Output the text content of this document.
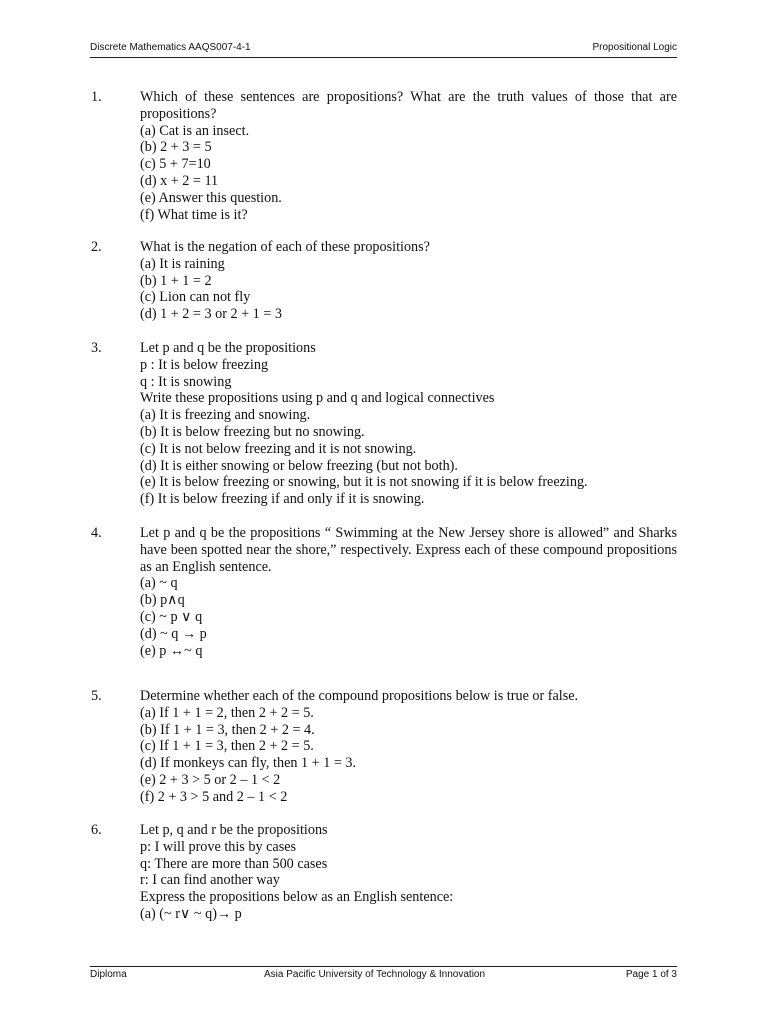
Discrete Mathematics AAQS007-4-1	Propositional Logic
1.	Which of these sentences are propositions? What are the truth values of those that are propositions?
(a) Cat is an insect.
(b) 2 + 3 = 5
(c) 5 + 7=10
(d) x + 2 = 11
(e) Answer this question.
(f) What time is it?
2.	What is the negation of each of these propositions?
(a) It is raining
(b) 1 + 1 = 2
(c) Lion can not fly
(d) 1 + 2 = 3 or 2 + 1 = 3
3.	Let p and q be the propositions
p : It is below freezing
q : It is snowing
Write these propositions using p and q and logical connectives
(a) It is freezing and snowing.
(b) It is below freezing but no snowing.
(c) It is not below freezing and it is not snowing.
(d) It is either snowing or below freezing (but not both).
(e) It is below freezing or snowing, but it is not snowing if it is below freezing.
(f) It is below freezing if and only if it is snowing.
4.	Let p and q be the propositions “ Swimming at the New Jersey shore is allowed” and Sharks have been spotted near the shore,” respectively. Express each of these compound propositions as an English sentence.
(a) ~ q
(b) p∧q
(c) ~ p ∨ q
(d) ~ q → p
(e) p ↔~ q
5.	Determine whether each of the compound propositions below is true or false.
(a) If 1 + 1 = 2, then 2 + 2 = 5.
(b) If 1 + 1 = 3, then 2 + 2 = 4.
(c) If 1 + 1 = 3, then 2 + 2 = 5.
(d) If monkeys can fly, then 1 + 1 = 3.
(e) 2 + 3 > 5 or 2 – 1 < 2
(f) 2 + 3 > 5 and 2 – 1 < 2
6.	Let p, q and r be the propositions
p: I will prove this by cases
q: There are more than 500 cases
r: I can find another way
Express the propositions below as an English sentence:
(a) (~ r∨ ~ q)→ p
Diploma	Asia Pacific University of Technology & Innovation	Page 1 of 3
